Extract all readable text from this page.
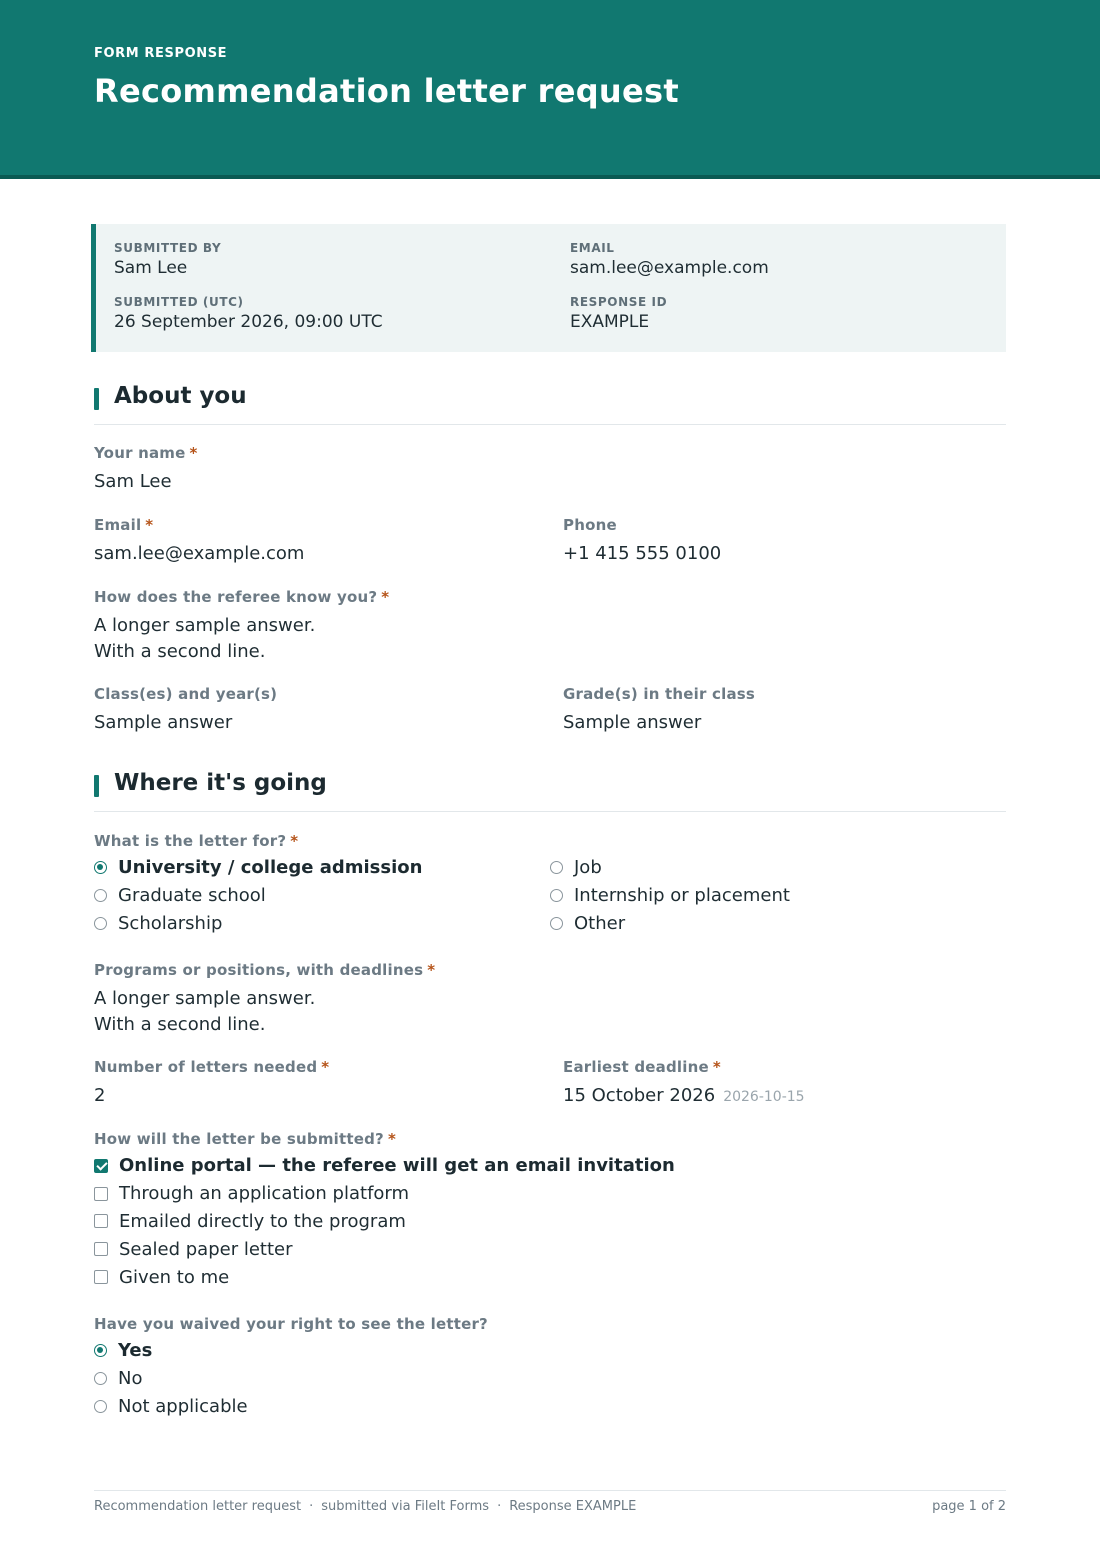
FORM RESPONSE
Recommendation letter request
SUBMITTED BY
Sam Lee
EMAIL
sam.lee@example.com
SUBMITTED (UTC)
26 September 2026, 09:00 UTC
RESPONSE ID
EXAMPLE
About you
Your name *
Sam Lee
Email *
sam.lee@example.com
Phone
+1 415 555 0100
How does the referee know you? *
A longer sample answer.
With a second line.
Class(es) and year(s)
Sample answer
Grade(s) in their class
Sample answer
Where it's going
What is the letter for? *
University / college admission
Graduate school
Scholarship
Job
Internship or placement
Other
Programs or positions, with deadlines *
A longer sample answer.
With a second line.
Number of letters needed *
2
Earliest deadline *
15 October 2026 2026-10-15
How will the letter be submitted? *
Online portal — the referee will get an email invitation
Through an application platform
Emailed directly to the program
Sealed paper letter
Given to me
Have you waived your right to see the letter?
Yes
No
Not applicable
Recommendation letter request · submitted via FileIt Forms · Response EXAMPLE	page 1 of 2
